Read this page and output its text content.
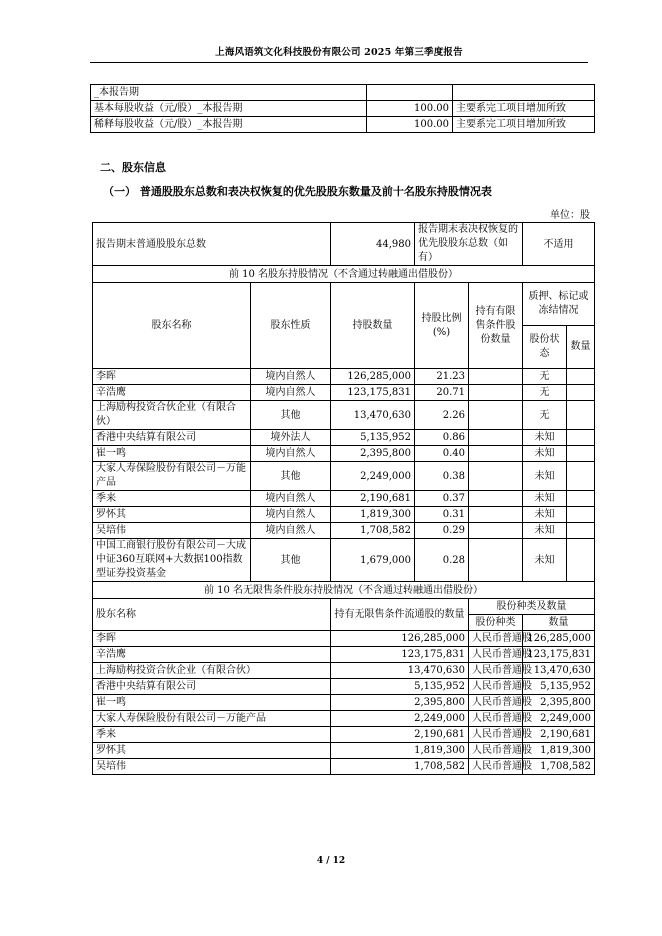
上海风语筑文化科技股份有限公司 2025 年第三季度报告
_本报告期		
基本每股收益（元/股）_本报告期	100.00	主要系完工项目增加所致
稀释每股收益（元/股）_本报告期	100.00	主要系完工项目增加所致
二、股东信息
（一） 普通股股东总数和表决权恢复的优先股股东数量及前十名股东持股情况表
单位：股
报告期末普通股股东总数		44,980	报告期末表决权恢复的优先股股东总数（如有）		不适用	
前 10 名股东持股情况（不含通过转融通出借股份）						
股东名称	股东性质	持股数量	持股比例(%)	持有有限售条件股份数量	质押、标记或冻结情况	
					股份状态	数量
李晖	境内自然人	126,285,000	21.23		无	
辛浩鹰	境内自然人	123,175,831	20.71		无	
上海励构投资合伙企业（有限合伙）	其他	13,470,630	2.26		无	
香港中央结算有限公司	境外法人	5,135,952	0.86		未知	
崔一鸣	境内自然人	2,395,800	0.40		未知	
大家人寿保险股份有限公司－万能产品	其他	2,249,000	0.38		未知	
季来	境内自然人	2,190,681	0.37		未知	
罗怀其	境内自然人	1,819,300	0.31		未知	
吴培伟	境内自然人	1,708,582	0.29		未知	
中国工商银行股份有限公司－大成中证360互联网+大数据100指数型证券投资基金	其他	1,679,000	0.28		未知	
前 10 名无限售条件股东持股情况（不含通过转融通出借股份）						
股东名称		持有无限售条件流通股的数量		股份种类及数量		
				股份种类	数量	
李晖		126,285,000		人民币普通股	126,285,000	
辛浩鹰		123,175,831		人民币普通股	123,175,831	
上海励构投资合伙企业（有限合伙）		13,470,630		人民币普通股	13,470,630	
香港中央结算有限公司		5,135,952		人民币普通股	5,135,952	
崔一鸣		2,395,800		人民币普通股	2,395,800	
大家人寿保险股份有限公司－万能产品		2,249,000		人民币普通股	2,249,000	
季来		2,190,681		人民币普通股	2,190,681	
罗怀其		1,819,300		人民币普通股	1,819,300	
吴培伟		1,708,582		人民币普通股	1,708,582	
4 / 12
